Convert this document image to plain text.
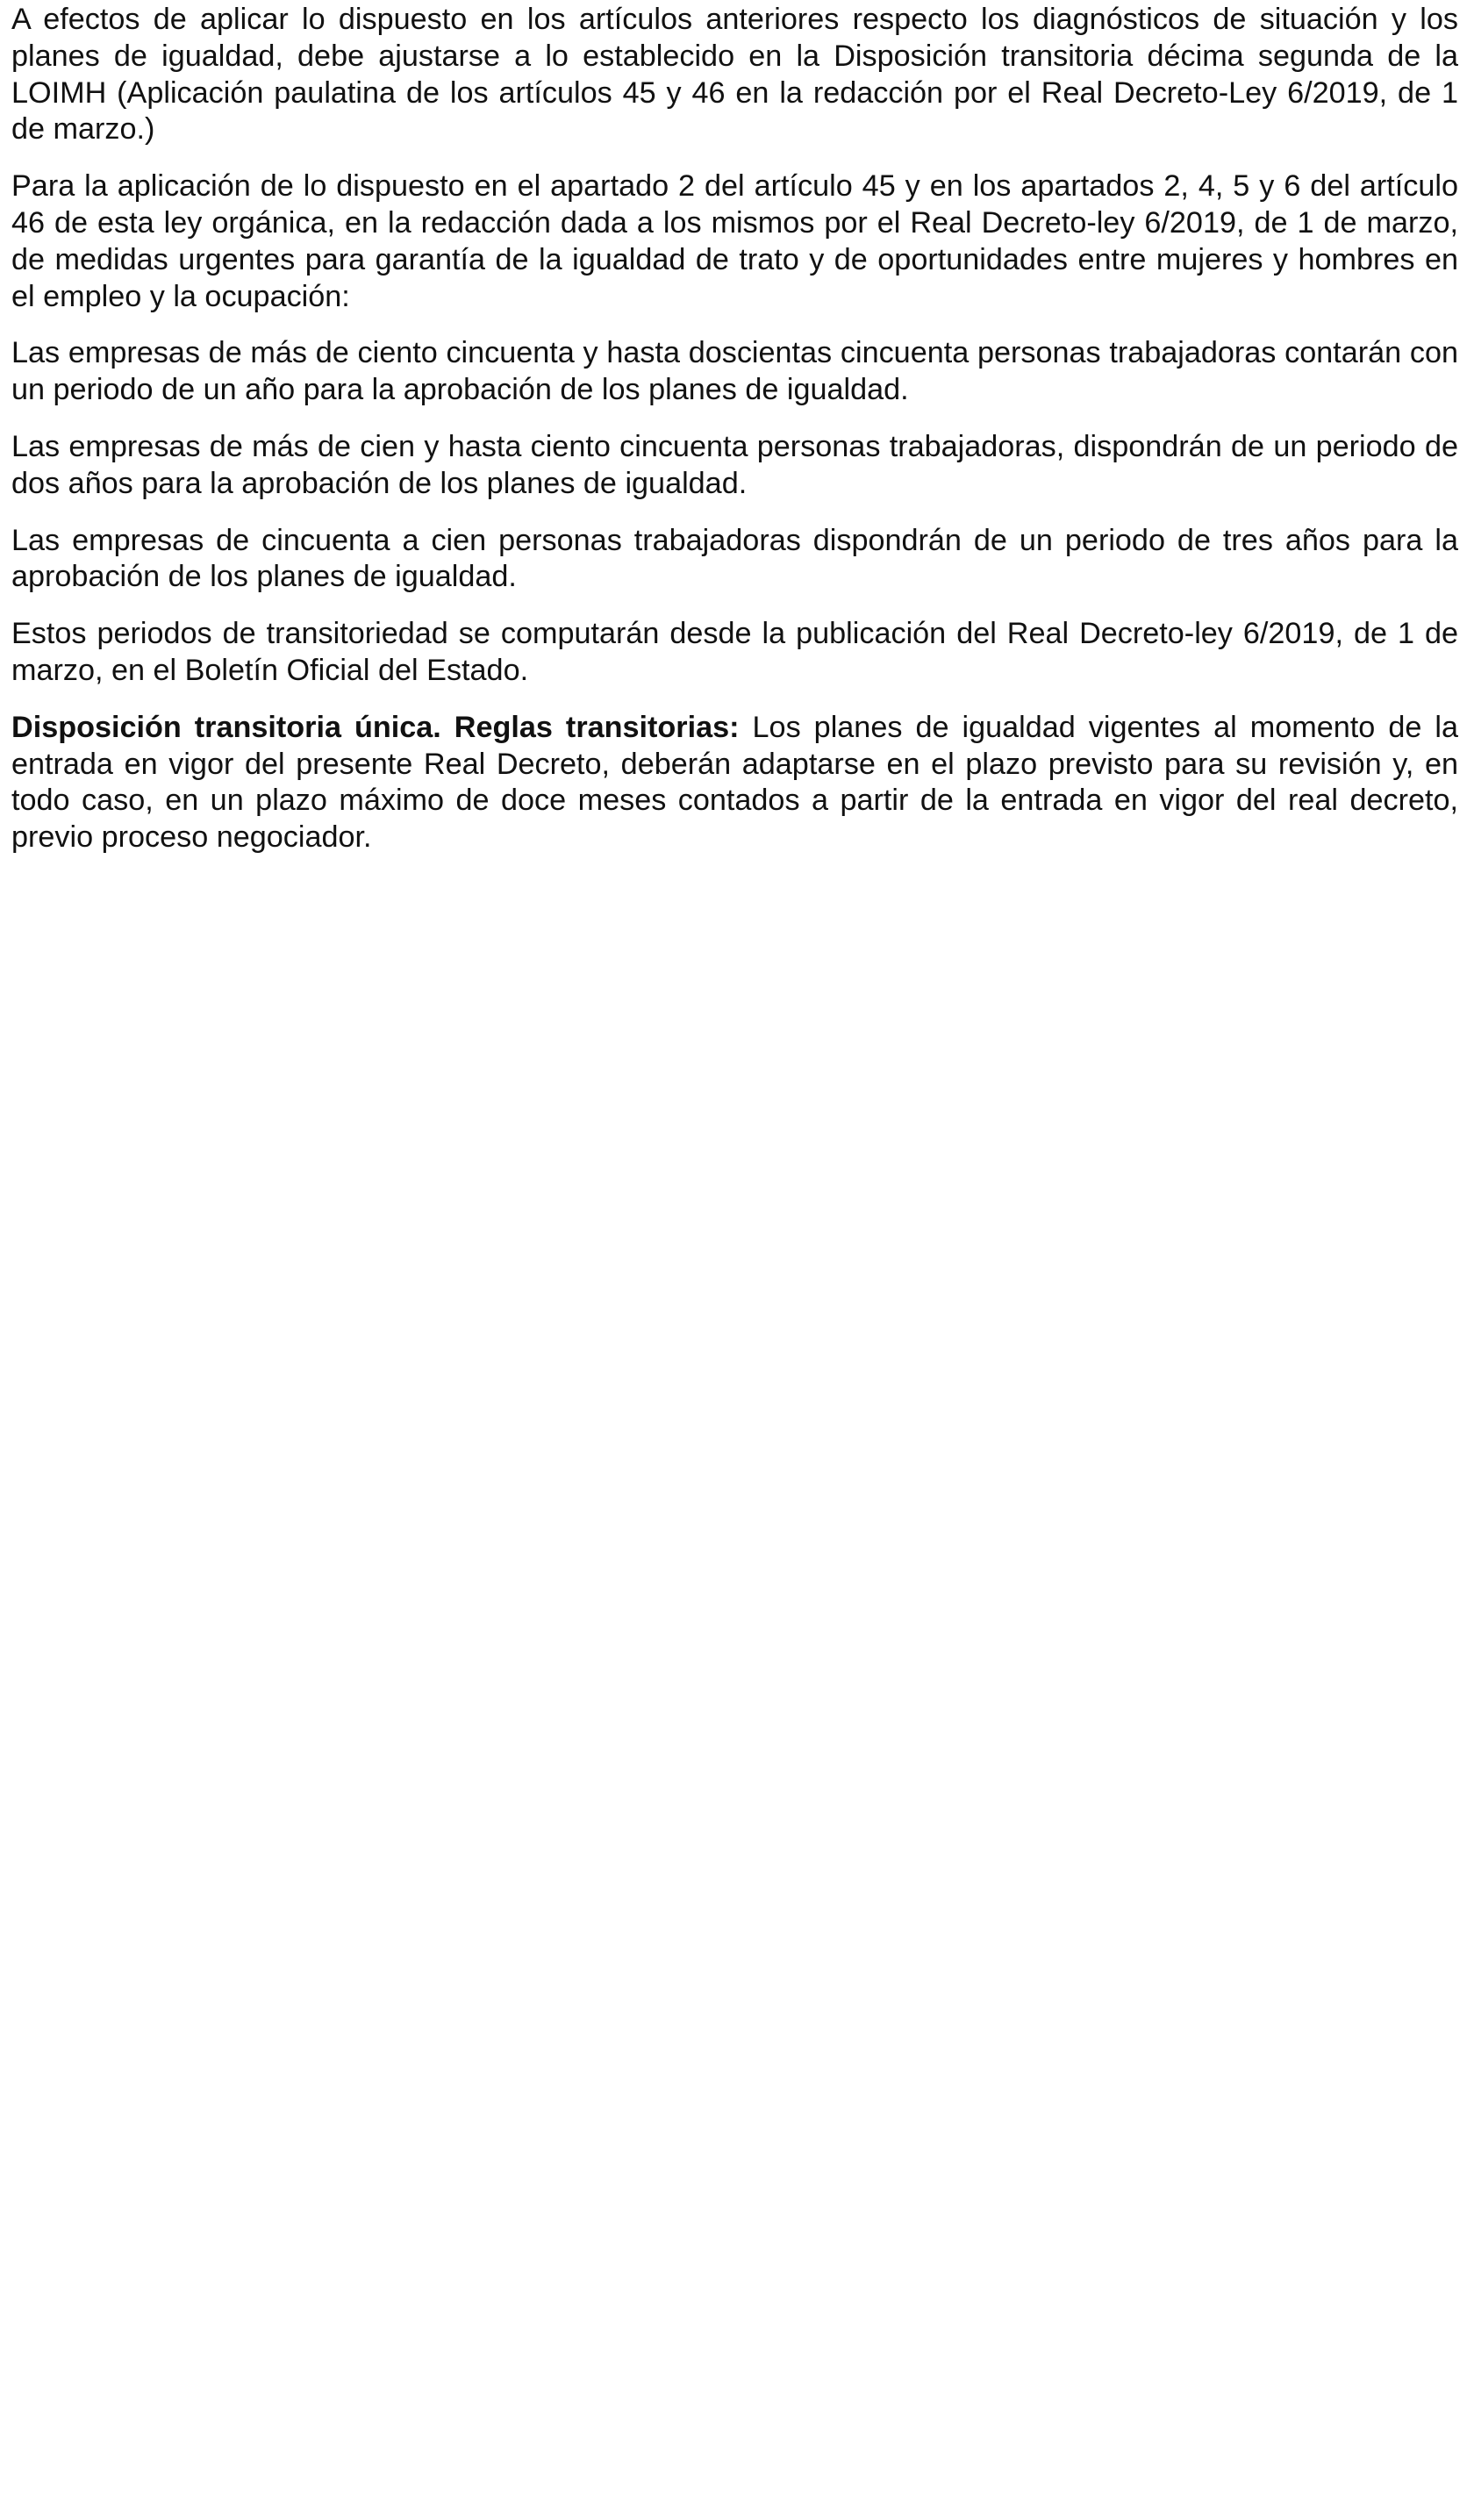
A efectos de aplicar lo dispuesto en los artículos anteriores respecto los diagnósticos de situación y los planes de igualdad, debe ajustarse a lo establecido en la Disposición transitoria décima segunda de la LOIMH (Aplicación paulatina de los artículos 45 y 46 en la redacción por el Real Decreto-Ley 6/2019, de 1 de marzo.)

Para la aplicación de lo dispuesto en el apartado 2 del artículo 45 y en los apartados 2, 4, 5 y 6 del artículo 46 de esta ley orgánica, en la redacción dada a los mismos por el Real Decreto-ley 6/2019, de 1 de marzo, de medidas urgentes para garantía de la igualdad de trato y de oportunidades entre mujeres y hombres en el empleo y la ocupación:

Las empresas de más de ciento cincuenta y hasta doscientas cincuenta personas trabajadoras contarán con un periodo de un año para la aprobación de los planes de igualdad.

Las empresas de más de cien y hasta ciento cincuenta personas trabajadoras, dispondrán de un periodo de dos años para la aprobación de los planes de igualdad.

Las empresas de cincuenta a cien personas trabajadoras dispondrán de un periodo de tres años para la aprobación de los planes de igualdad.

Estos periodos de transitoriedad se computarán desde la publicación del Real Decreto-ley 6/2019, de 1 de marzo, en el Boletín Oficial del Estado.

Disposición transitoria única. Reglas transitorias: Los planes de igualdad vigentes al momento de la entrada en vigor del presente Real Decreto, deberán adaptarse en el plazo previsto para su revisión y, en todo caso, en un plazo máximo de doce meses contados a partir de la entrada en vigor del real decreto, previo proceso negociador.
